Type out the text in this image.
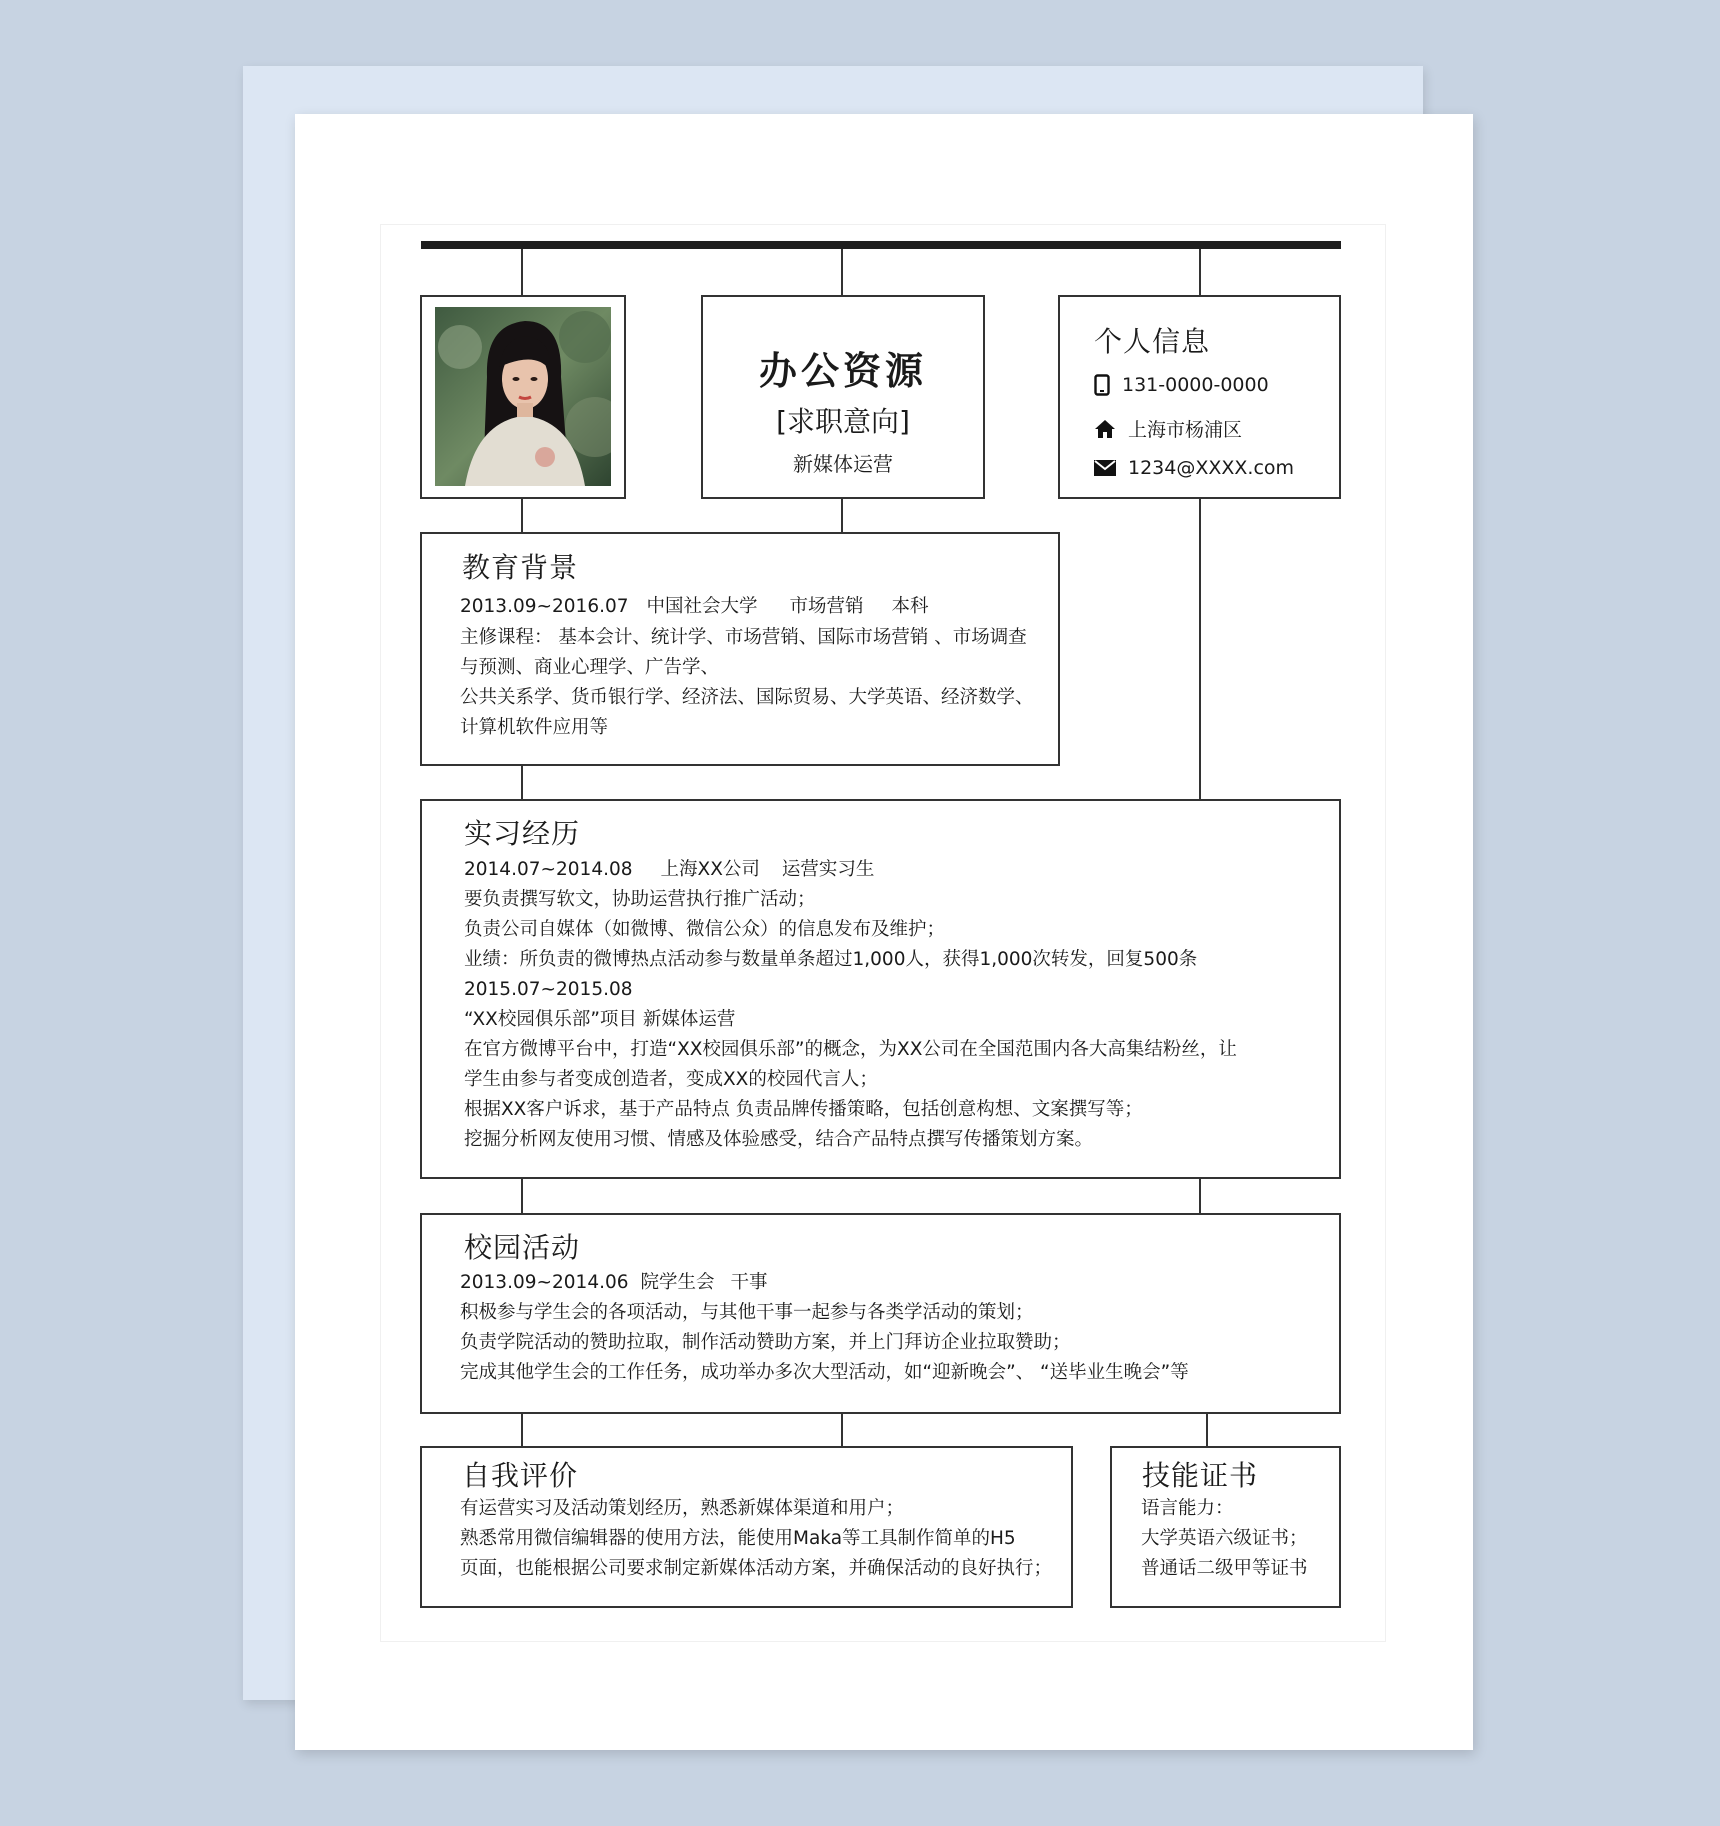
办公资源
[求职意向]
新媒体运营
个人信息
131-0000-0000
上海市杨浦区
1234@XXXX.com
教育背景
2013.09~2016.07 中国社会大学 市场营销 本科
主修课程： 基本会计、统计学、市场营销、国际市场营销 、市场调查
与预测、商业心理学、广告学、
公共关系学、货币银行学、经济法、国际贸易、大学英语、经济数学、
计算机软件应用等
实习经历
2014.07~2014.08 上海XX公司 运营实习生
要负责撰写软文，协助运营执行推广活动；
负责公司自媒体（如微博、微信公众）的信息发布及维护；
业绩：所负责的微博热点活动参与数量单条超过1,000人，获得1,000次转发，回复500条
2015.07~2015.08
“XX校园俱乐部”项目 新媒体运营
在官方微博平台中，打造“XX校园俱乐部”的概念，为XX公司在全国范围内各大高集结粉丝，让
学生由参与者变成创造者，变成XX的校园代言人；
根据XX客户诉求，基于产品特点 负责品牌传播策略，包括创意构想、文案撰写等；
挖掘分析网友使用习惯、情感及体验感受，结合产品特点撰写传播策划方案。
校园活动
2013.09~2014.06 院学生会 干事
积极参与学生会的各项活动，与其他干事一起参与各类学活动的策划；
负责学院活动的赞助拉取，制作活动赞助方案，并上门拜访企业拉取赞助；
完成其他学生会的工作任务，成功举办多次大型活动，如“迎新晚会”、 “送毕业生晚会”等
自我评价
有运营实习及活动策划经历，熟悉新媒体渠道和用户；
熟悉常用微信编辑器的使用方法，能使用Maka等工具制作简单的H5
页面，也能根据公司要求制定新媒体活动方案，并确保活动的良好执行；
技能证书
语言能力：
大学英语六级证书；
普通话二级甲等证书
